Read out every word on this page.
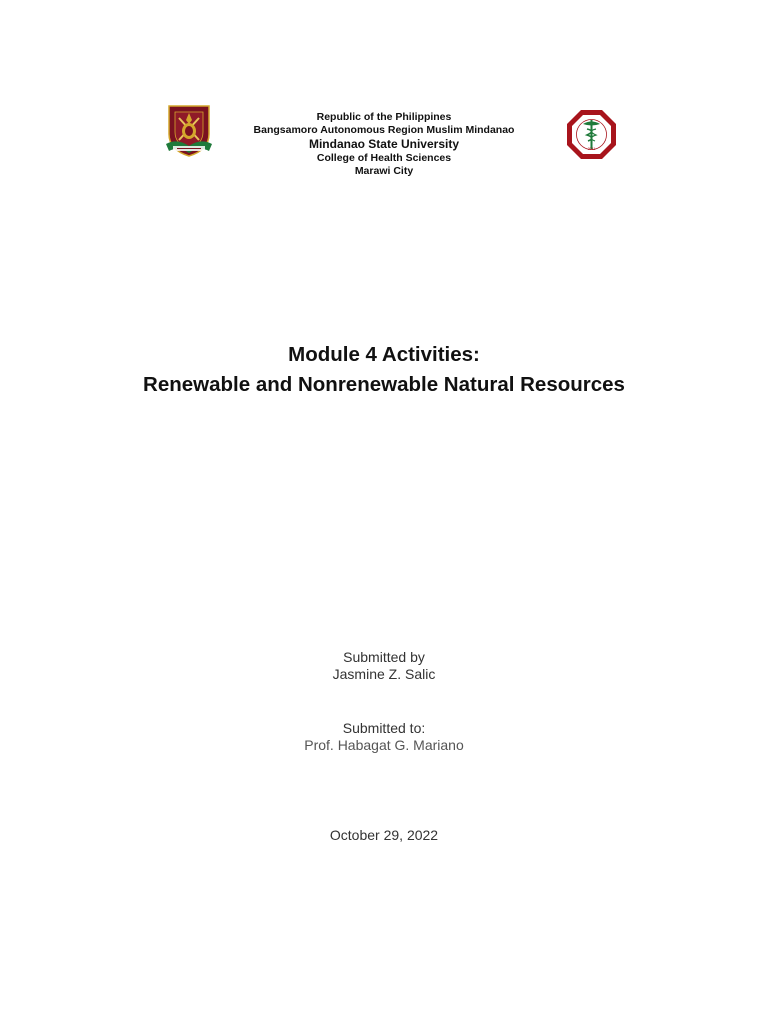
2011
Republic of the Philippines
Bangsamoro Autonomous Region Muslim Mindanao
Mindanao State University
College of Health Sciences
Marawi City
Module 4 Activities:
Renewable and Nonrenewable Natural Resources
Submitted by
Jasmine Z. Salic
Submitted to:
Prof. Habagat G. Mariano
October 29, 2022
